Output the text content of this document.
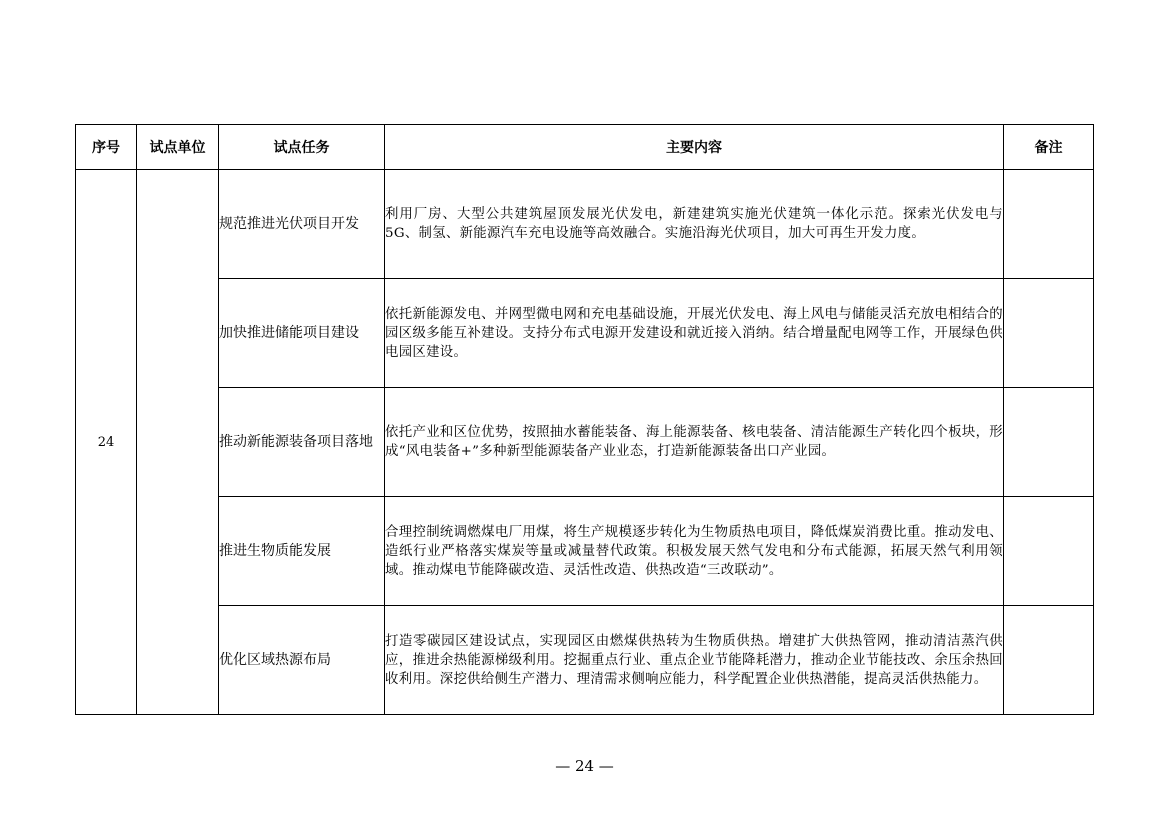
序号	试点单位	试点任务	主要内容	备注
24		规范推进光伏项目开发	利用厂房、大型公共建筑屋顶发展光伏发电，新建建筑实施光伏建筑一体化示范。探索光伏发电与5G、制氢、新能源汽车充电设施等高效融合。实施沿海光伏项目，加大可再生开发力度。	
		加快推进储能项目建设	依托新能源发电、并网型微电网和充电基础设施，开展光伏发电、海上风电与储能灵活充放电相结合的园区级多能互补建设。支持分布式电源开发建设和就近接入消纳。结合增量配电网等工作，开展绿色供电园区建设。	
		推动新能源装备项目落地	依托产业和区位优势，按照抽水蓄能装备、海上能源装备、核电装备、清洁能源生产转化四个板块，形成“风电装备+”多种新型能源装备产业业态，打造新能源装备出口产业园。	
		推进生物质能发展	合理控制统调燃煤电厂用煤，将生产规模逐步转化为生物质热电项目，降低煤炭消费比重。推动发电、造纸行业严格落实煤炭等量或减量替代政策。积极发展天然气发电和分布式能源，拓展天然气利用领域。推动煤电节能降碳改造、灵活性改造、供热改造“三改联动”。	
		优化区域热源布局	打造零碳园区建设试点，实现园区由燃煤供热转为生物质供热。增建扩大供热管网，推动清洁蒸汽供应，推进余热能源梯级利用。挖掘重点行业、重点企业节能降耗潜力，推动企业节能技改、余压余热回收利用。深挖供给侧生产潜力、理清需求侧响应能力，科学配置企业供热潜能，提高灵活供热能力。	
— 24 —
